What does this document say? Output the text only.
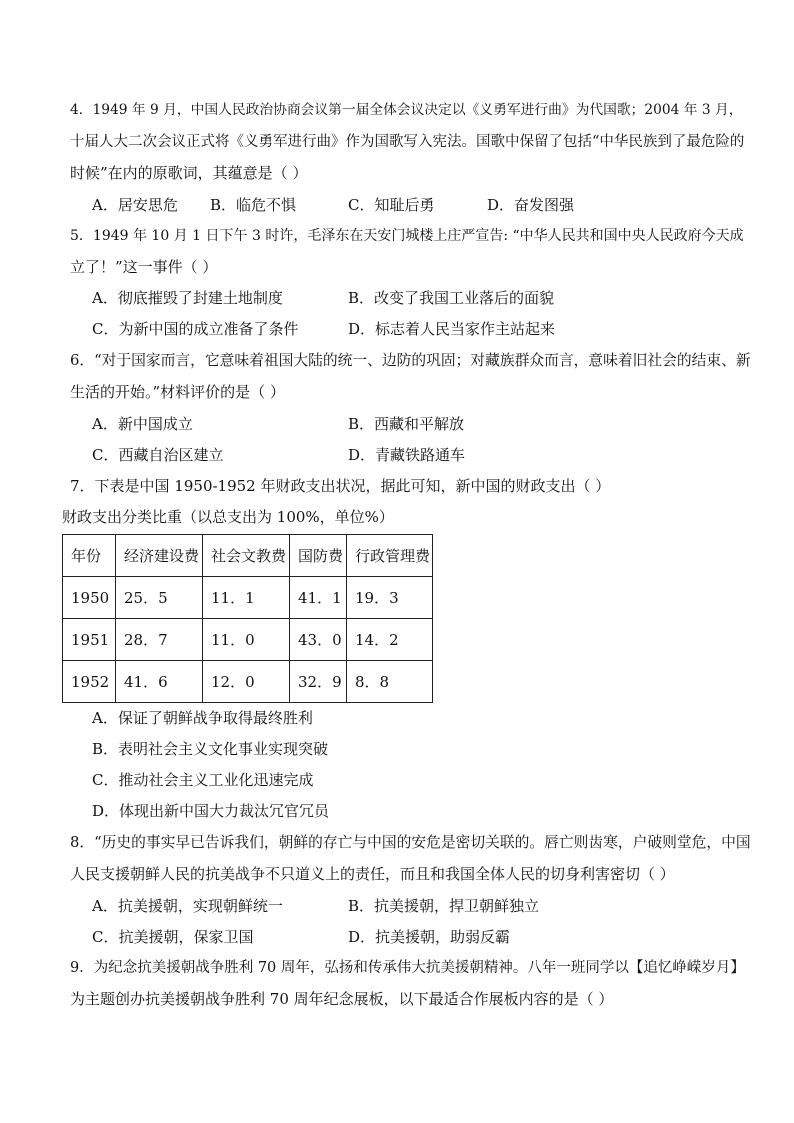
4．1949 年 9 月，中国人民政治协商会议第一届全体会议决定以《义勇军进行曲》为代国歌；2004 年 3 月，
十届人大二次会议正式将《义勇军进行曲》作为国歌写入宪法。国歌中保留了包括“中华民族到了最危险的
时候”在内的原歌词，其蕴意是（ ）
A．居安思危 B．临危不惧	C．知耻后勇	D．奋发图强
5．1949 年 10 月 1 日下午 3 时许，毛泽东在天安门城楼上庄严宣告: “中华人民共和国中央人民政府今天成
立了！”这一事件（ ）
A．彻底摧毁了封建土地制度	B．改变了我国工业落后的面貌
C．为新中国的成立准备了条件	D．标志着人民当家作主站起来
6．“对于国家而言，它意味着祖国大陆的统一、边防的巩固；对藏族群众而言，意味着旧社会的结束、新
生活的开始。”材料评价的是（ ）
A．新中国成立	B．西藏和平解放
C．西藏自治区建立	D．青藏铁路通车
7．下表是中国 1950-1952 年财政支出状况，据此可知，新中国的财政支出（ ）
财政支出分类比重（以总支出为 100%，单位%）
年份	经济建设费	社会文教费	国防费	行政管理费
1950	25．5	11．1	41．1	19．3
1951	28．7	11．0	43．0	14．2
1952	41．6	12．0	32．9	8．8
A．保证了朝鲜战争取得最终胜利
B．表明社会主义文化事业实现突破
C．推动社会主义工业化迅速完成
D．体现出新中国大力裁汰冗官冗员
8．“历史的事实早已告诉我们，朝鲜的存亡与中国的安危是密切关联的。唇亡则齿寒，户破则堂危，中国
人民支援朝鲜人民的抗美战争不只道义上的责任，而且和我国全体人民的切身利害密切（ ）
A．抗美援朝，实现朝鲜统一	B．抗美援朝，捍卫朝鲜独立
C．抗美援朝，保家卫国	D．抗美援朝，助弱反霸
9．为纪念抗美援朝战争胜利 70 周年，弘扬和传承伟大抗美援朝精神。八年一班同学以【追忆峥嵘岁月】
为主题创办抗美援朝战争胜利 70 周年纪念展板，以下最适合作展板内容的是（ ）
